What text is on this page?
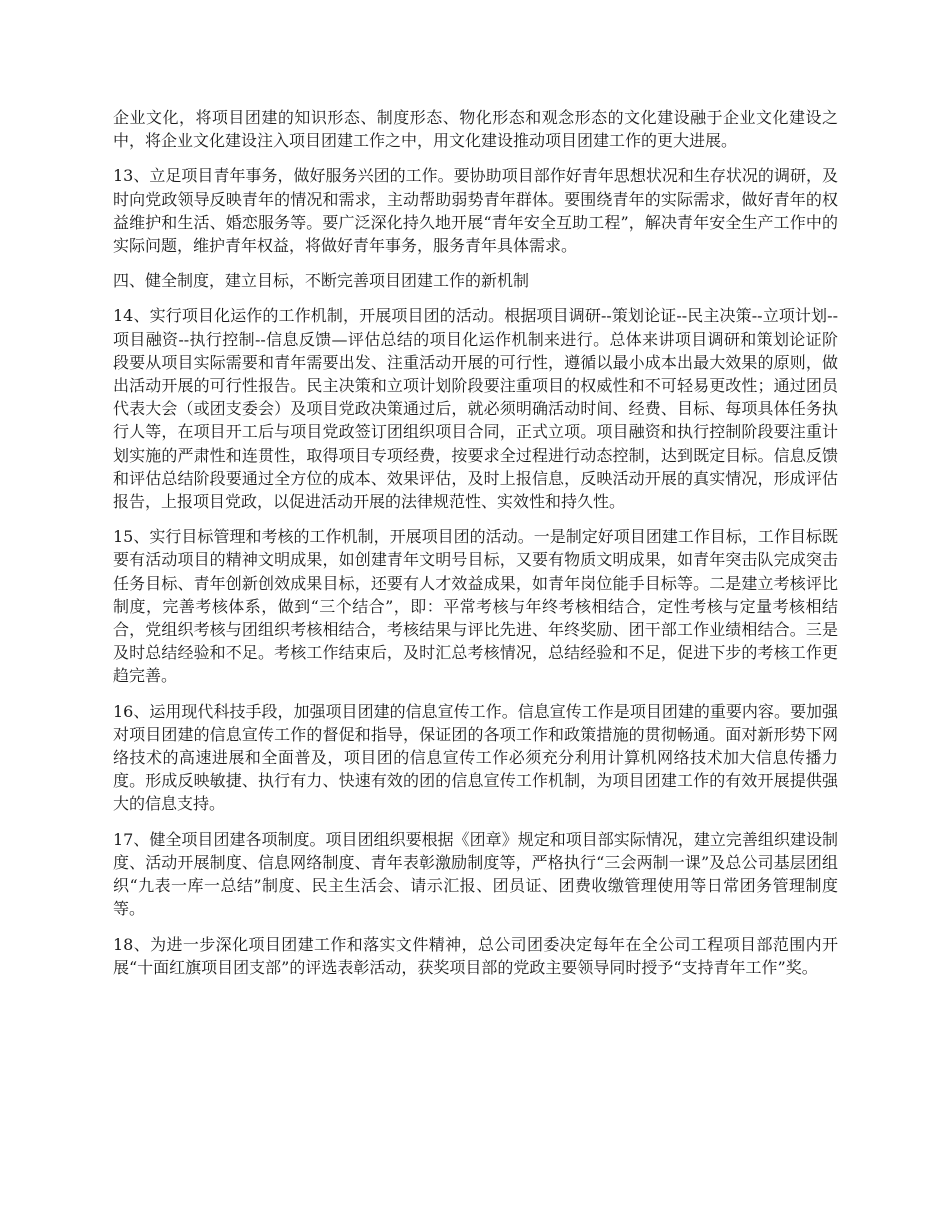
企业文化，将项目团建的知识形态、制度形态、物化形态和观念形态的文化建设融于企业文化建设之中，将企业文化建设注入项目团建工作之中，用文化建设推动项目团建工作的更大进展。

13、立足项目青年事务，做好服务兴团的工作。要协助项目部作好青年思想状况和生存状况的调研，及时向党政领导反映青年的情况和需求，主动帮助弱势青年群体。要围绕青年的实际需求，做好青年的权益维护和生活、婚恋服务等。要广泛深化持久地开展“青年安全互助工程”，解决青年安全生产工作中的实际问题，维护青年权益，将做好青年事务，服务青年具体需求。

四、健全制度，建立目标，不断完善项目团建工作的新机制

14、实行项目化运作的工作机制，开展项目团的活动。根据项目调研--策划论证--民主决策--立项计划--项目融资--执行控制--信息反馈—评估总结的项目化运作机制来进行。总体来讲项目调研和策划论证阶段要从项目实际需要和青年需要出发、注重活动开展的可行性，遵循以最小成本出最大效果的原则，做出活动开展的可行性报告。民主决策和立项计划阶段要注重项目的权威性和不可轻易更改性；通过团员代表大会（或团支委会）及项目党政决策通过后，就必须明确活动时间、经费、目标、每项具体任务执行人等，在项目开工后与项目党政签订团组织项目合同，正式立项。项目融资和执行控制阶段要注重计划实施的严肃性和连贯性，取得项目专项经费，按要求全过程进行动态控制，达到既定目标。信息反馈和评估总结阶段要通过全方位的成本、效果评估，及时上报信息，反映活动开展的真实情况，形成评估报告，上报项目党政，以促进活动开展的法律规范性、实效性和持久性。

15、实行目标管理和考核的工作机制，开展项目团的活动。一是制定好项目团建工作目标，工作目标既要有活动项目的精神文明成果，如创建青年文明号目标，又要有物质文明成果，如青年突击队完成突击任务目标、青年创新创效成果目标，还要有人才效益成果，如青年岗位能手目标等。二是建立考核评比制度，完善考核体系，做到“三个结合”，即：平常考核与年终考核相结合，定性考核与定量考核相结合，党组织考核与团组织考核相结合，考核结果与评比先进、年终奖励、团干部工作业绩相结合。三是及时总结经验和不足。考核工作结束后，及时汇总考核情况，总结经验和不足，促进下步的考核工作更趋完善。

16、运用现代科技手段，加强项目团建的信息宣传工作。信息宣传工作是项目团建的重要内容。要加强对项目团建的信息宣传工作的督促和指导，保证团的各项工作和政策措施的贯彻畅通。面对新形势下网络技术的高速进展和全面普及，项目团的信息宣传工作必须充分利用计算机网络技术加大信息传播力度。形成反映敏捷、执行有力、快速有效的团的信息宣传工作机制，为项目团建工作的有效开展提供强大的信息支持。

17、健全项目团建各项制度。项目团组织要根据《团章》规定和项目部实际情况，建立完善组织建设制度、活动开展制度、信息网络制度、青年表彰激励制度等，严格执行“三会两制一课”及总公司基层团组织“九表一库一总结”制度、民主生活会、请示汇报、团员证、团费收缴管理使用等日常团务管理制度等。

18、为进一步深化项目团建工作和落实文件精神，总公司团委决定每年在全公司工程项目部范围内开展“十面红旗项目团支部”的评选表彰活动，获奖项目部的党政主要领导同时授予“支持青年工作”奖。
